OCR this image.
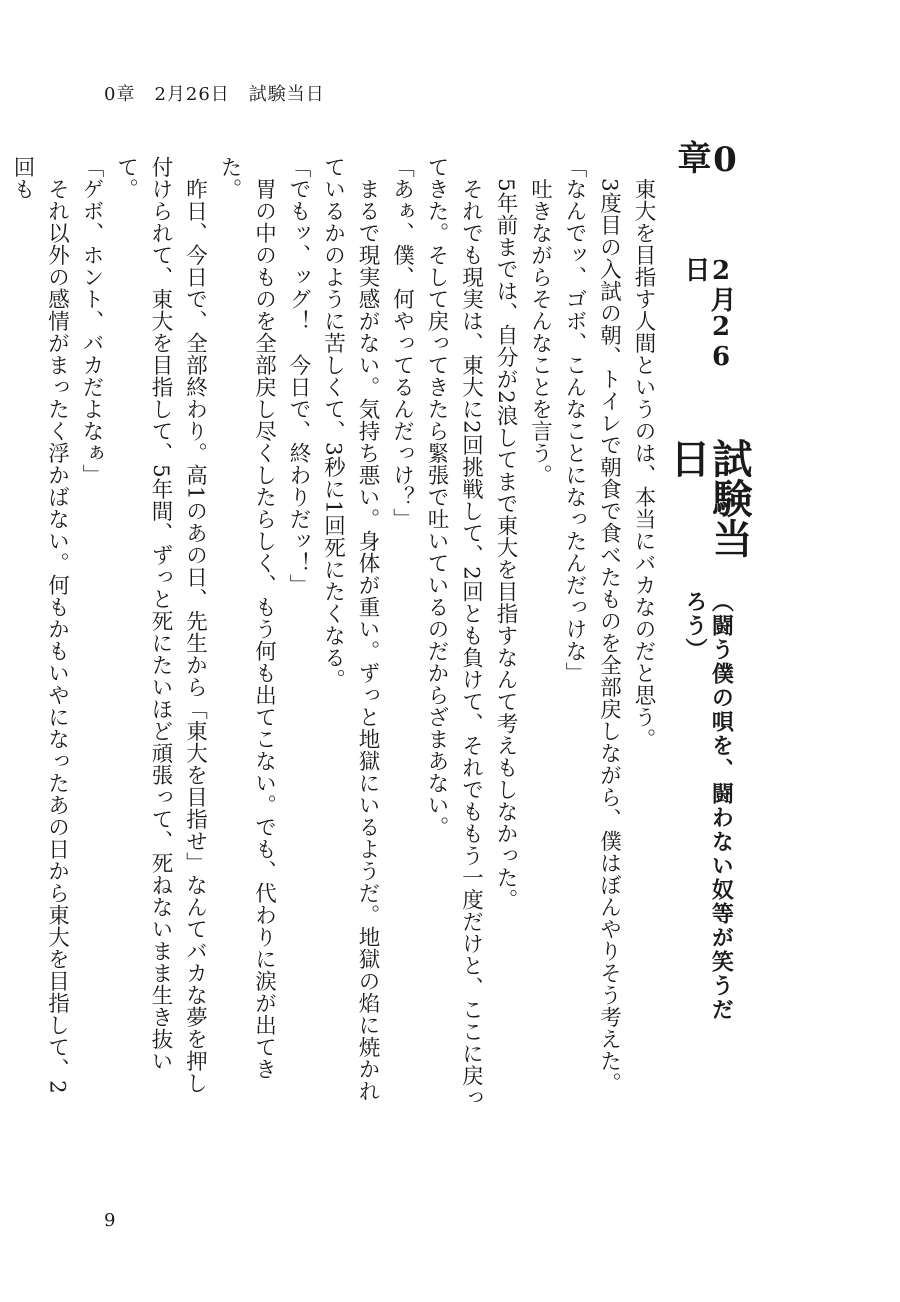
0章　2月26日　試験当日
0章
2月26日
試験当日
（闘う僕の唄を、闘わない奴等が笑うだろう）

　東大を目指す人間というのは、本当にバカなのだと思う。

　3度目の入試の朝、トイレで朝食で食べたものを全部戻しながら、僕はぼんやりそう考えた。

「なんでッ、ゴボ、こんなことになったんだっけな」

　吐きながらそんなことを言う。

　5年前までは、自分が2浪してまで東大を目指すなんて考えもしなかった。

　それでも現実は、東大に2回挑戦して、2回とも負けて、それでももう一度だけと、ここに戻ってきた。そして戻ってきたら緊張で吐いているのだからざまあない。

「あぁ、僕、何やってるんだっけ？」

　まるで現実感がない。気持ち悪い。身体が重い。ずっと地獄にいるようだ。地獄の焰に焼かれているかのように苦しくて、3秒に1回死にたくなる。

「でもッ、ッグ！　今日で、終わりだッ！」

　胃の中のものを全部戻し尽くしたらしく、もう何も出てこない。でも、代わりに涙が出てきた。

　昨日、今日で、全部終わり。高1のあの日、先生から「東大を目指せ」なんてバカな夢を押し付けられて、東大を目指して、5年間、ずっと死にたいほど頑張って、死ねないまま生き抜いて。

「ゲボ、ホント、バカだよなぁ」

　それ以外の感情がまったく浮かばない。何もかもいやになったあの日から東大を目指して、2回も

9
